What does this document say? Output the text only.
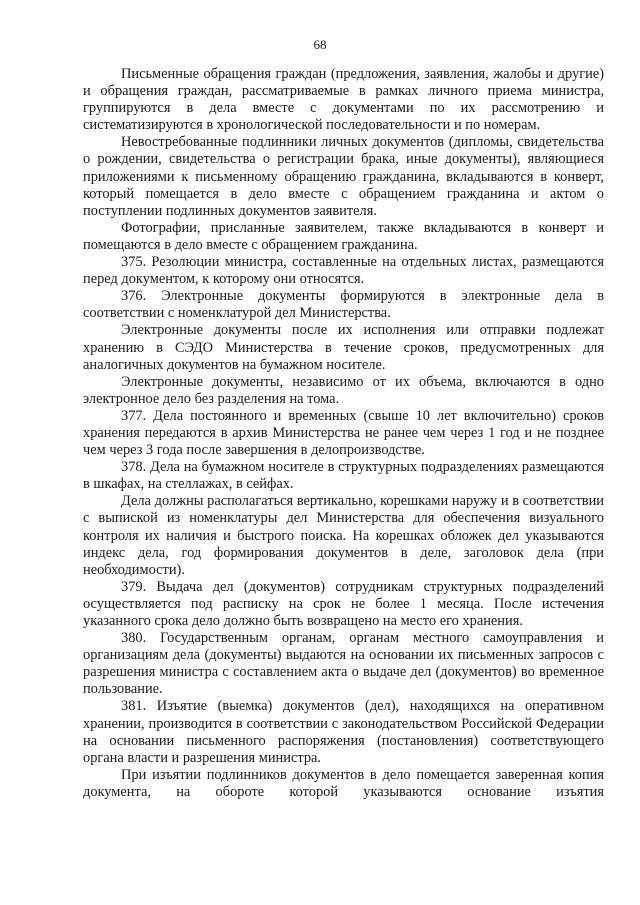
68

Письменные обращения граждан (предложения, заявления, жалобы и другие) и обращения граждан, рассматриваемые в рамках личного приема министра, группируются в дела вместе с документами по их рассмотрению и систематизируются в хронологической последовательности и по номерам.

Невостребованные подлинники личных документов (дипломы, свидетельства о рождении, свидетельства о регистрации брака, иные документы), являющиеся приложениями к письменному обращению гражданина, вкладываются в конверт, который помещается в дело вместе с обращением гражданина и актом о поступлении подлинных документов заявителя.

Фотографии, присланные заявителем, также вкладываются в конверт и помещаются в дело вместе с обращением гражданина.

375. Резолюции министра, составленные на отдельных листах, размещаются перед документом, к которому они относятся.

376. Электронные документы формируются в электронные дела в соответствии с номенклатурой дел Министерства.

Электронные документы после их исполнения или отправки подлежат хранению в СЭДО Министерства в течение сроков, предусмотренных для аналогичных документов на бумажном носителе.

Электронные документы, независимо от их объема, включаются в одно электронное дело без разделения на тома.

377. Дела постоянного и временных (свыше 10 лет включительно) сроков хранения передаются в архив Министерства не ранее чем через 1 год и не позднее чем через 3 года после завершения в делопроизводстве.

378. Дела на бумажном носителе в структурных подразделениях размещаются в шкафах, на стеллажах, в сейфах.

Дела должны располагаться вертикально, корешками наружу и в соответствии с выпиской из номенклатуры дел Министерства для обеспечения визуального контроля их наличия и быстрого поиска. На корешках обложек дел указываются индекс дела, год формирования документов в деле, заголовок дела (при необходимости).

379. Выдача дел (документов) сотрудникам структурных подразделений осуществляется под расписку на срок не более 1 месяца. После истечения указанного срока дело должно быть возвращено на место его хранения.

380. Государственным органам, органам местного самоуправления и организациям дела (документы) выдаются на основании их письменных запросов с разрешения министра с составлением акта о выдаче дел (документов) во временное пользование.

381. Изъятие (выемка) документов (дел), находящихся на оперативном хранении, производится в соответствии с законодательством Российской Федерации на основании письменного распоряжения (постановления) соответствующего органа власти и разрешения министра.

При изъятии подлинников документов в дело помещается заверенная копия документа, на обороте которой указываются основание изъятия
